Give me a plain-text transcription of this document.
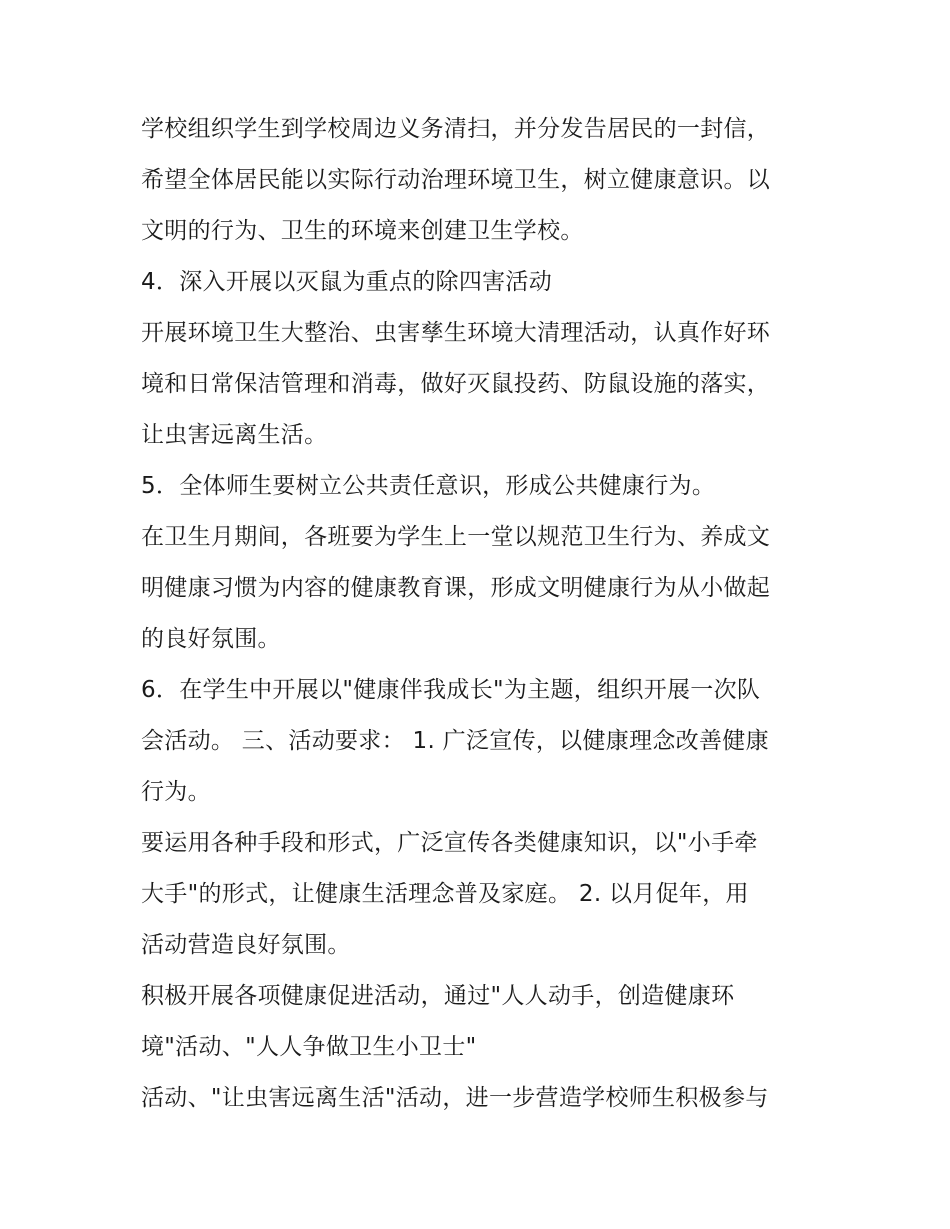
学校组织学生到学校周边义务清扫，并分发告居民的一封信，
希望全体居民能以实际行动治理环境卫生，树立健康意识。以
文明的行为、卫生的环境来创建卫生学校。
4．深入开展以灭鼠为重点的除四害活动
开展环境卫生大整治、虫害孳生环境大清理活动，认真作好环
境和日常保洁管理和消毒，做好灭鼠投药、防鼠设施的落实，
让虫害远离生活。
5．全体师生要树立公共责任意识，形成公共健康行为。
在卫生月期间，各班要为学生上一堂以规范卫生行为、养成文
明健康习惯为内容的健康教育课，形成文明健康行为从小做起
的良好氛围。
6．在学生中开展以"健康伴我成长"为主题，组织开展一次队
会活动。 三、活动要求： 1. 广泛宣传，以健康理念改善健康
行为。
要运用各种手段和形式，广泛宣传各类健康知识，以"小手牵
大手"的形式，让健康生活理念普及家庭。 2. 以月促年，用
活动营造良好氛围。
积极开展各项健康促进活动，通过"人人动手，创造健康环
境"活动、"人人争做卫生小卫士"
活动、"让虫害远离生活"活动，进一步营造学校师生积极参与
